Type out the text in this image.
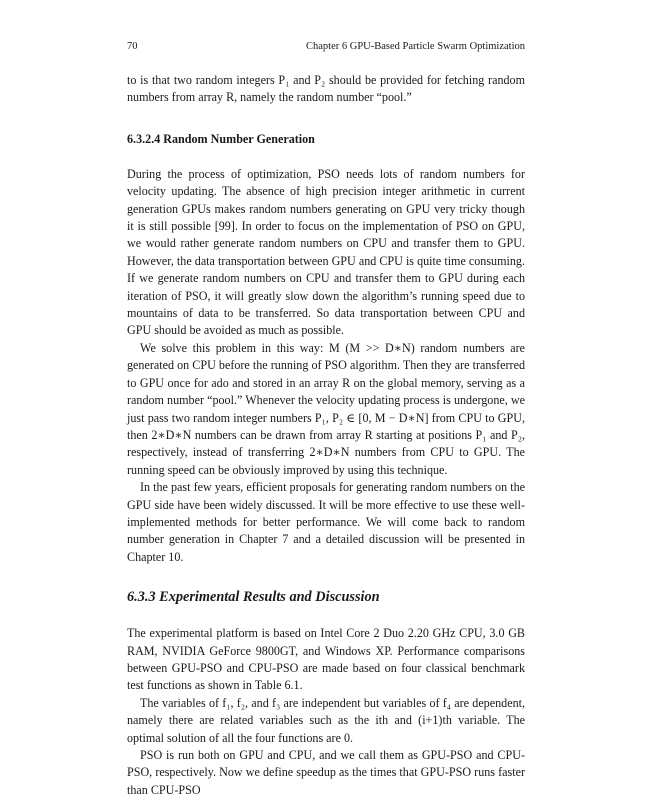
70	Chapter 6 GPU-Based Particle Swarm Optimization

to is that two random integers P₁ and P₂ should be provided for fetching random numbers from array R, namely the random number “pool.”

6.3.2.4 Random Number Generation

During the process of optimization, PSO needs lots of random numbers for velocity updating. The absence of high precision integer arithmetic in current generation GPUs makes random numbers generating on GPU very tricky though it is still possible [99]. In order to focus on the implementation of PSO on GPU, we would rather generate random numbers on CPU and transfer them to GPU. However, the data transportation between GPU and CPU is quite time consuming. If we generate random numbers on CPU and transfer them to GPU during each iteration of PSO, it will greatly slow down the algorithm’s running speed due to mountains of data to be transferred. So data transportation between CPU and GPU should be avoided as much as possible.

We solve this problem in this way: M (M >> D∗N) random numbers are generated on CPU before the running of PSO algorithm. Then they are transferred to GPU once for ado and stored in an array R on the global memory, serving as a random number “pool.” Whenever the velocity updating process is undergone, we just pass two random integer numbers P₁, P₂ ∈ [0, M − D∗N] from CPU to GPU, then 2∗D∗N numbers can be drawn from array R starting at positions P₁ and P₂, respectively, instead of transferring 2∗D∗N numbers from CPU to GPU. The running speed can be obviously improved by using this technique.

In the past few years, efficient proposals for generating random numbers on the GPU side have been widely discussed. It will be more effective to use these well-implemented methods for better performance. We will come back to random number generation in Chapter 7 and a detailed discussion will be presented in Chapter 10.

6.3.3 Experimental Results and Discussion

The experimental platform is based on Intel Core 2 Duo 2.20 GHz CPU, 3.0 GB RAM, NVIDIA GeForce 9800GT, and Windows XP. Performance comparisons between GPU-PSO and CPU-PSO are made based on four classical benchmark test functions as shown in Table 6.1.

The variables of f₁, f₂, and f₃ are independent but variables of f₄ are dependent, namely there are related variables such as the ith and (i+1)th variable. The optimal solution of all the four functions are 0.

PSO is run both on GPU and CPU, and we call them as GPU-PSO and CPU-PSO, respectively. Now we define speedup as the times that GPU-PSO runs faster than CPU-PSO
